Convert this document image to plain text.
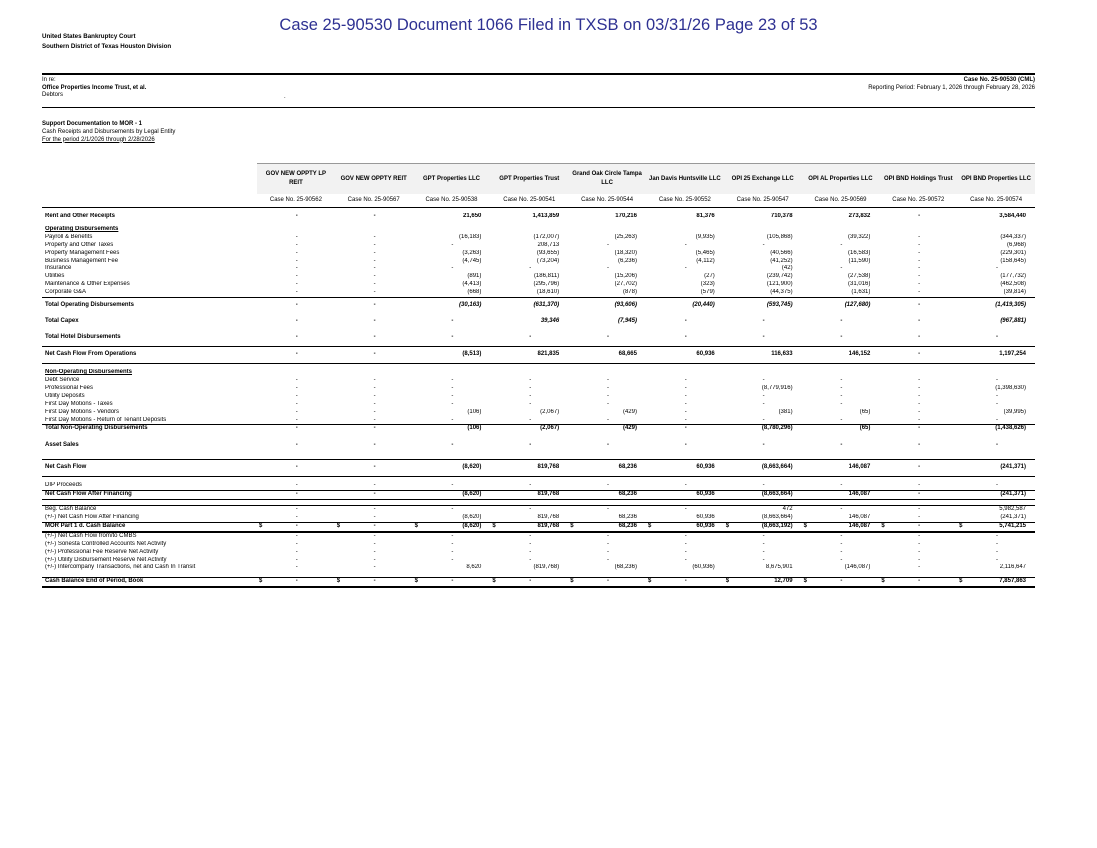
Case 25-90530 Document 1066 Filed in TXSB on 03/31/26 Page 23 of 53
United States Bankruptcy Court
Southern District of Texas Houston Division
In re:
Office Properties Income Trust, et al.
Debtors	.
Case No. 25-90530 (CML)
Reporting Period: February 1, 2026 through February 28, 2026
Support Documentation to MOR - 1
Cash Receipts and Disbursements by Legal Entity
For the period 2/1/2026 through 2/28/2026
	GOV NEW OPPTY LP REIT	GOV NEW OPPTY REIT	GPT Properties LLC	GPT Properties Trust	Grand Oak Circle Tampa LLC	Jan Davis Huntsville LLC	OPI 25 Exchange LLC	OPI AL Properties LLC	OPI BND Holdings Trust	OPI BND Properties LLC
	Case No. 25-90562	Case No. 25-90567	Case No. 25-90538	Case No. 25-90541	Case No. 25-90544	Case No. 25-90552	Case No. 25-90547	Case No. 25-90569	Case No. 25-90572	Case No. 25-90574

Rent and Other Receipts	-	-	21,650	1,413,859	170,216	81,376	710,378	273,832	-	3,584,440

Operating Disbursements										
Payroll & Benefits	-	-	(16,183)	(172,007)	(25,263)	(9,935)	(105,868)	(39,322)	-	(344,337)
Property and Other Taxes	-	-	-	208,713	-	-	-	-	-	(6,968)
Property Management Fees	-	-	(3,263)	(93,655)	(18,320)	(5,465)	(40,566)	(16,583)	-	(229,301)
Business Management Fee	-	-	(4,745)	(73,204)	(6,236)	(4,112)	(41,252)	(11,590)	-	(158,645)
Insurance	-	-	-	-	-	-	(42)	-	-	-
Utilities	-	-	(891)	(186,811)	(15,206)	(27)	(239,742)	(27,538)	-	(177,732)
Maintenance & Other Expenses	-	-	(4,413)	(295,796)	(27,702)	(323)	(121,900)	(31,016)	-	(462,508)
Corporate G&A	-	-	(668)	(18,610)	(878)	(579)	(44,375)	(1,631)	-	(39,814)
Total Operating Disbursements	-	-	(30,163)	(631,370)	(93,606)	(20,440)	(593,745)	(127,680)	-	(1,419,305)
Total Capex	-	-	-	39,346	(7,945)	-	-	-	-	(967,881)
Total Hotel Disbursements	-	-	-	-	-	-	-	-	-	-
Net Cash Flow From Operations	-	-	(8,513)	821,835	68,665	60,936	116,633	146,152	-	1,197,254

Non-Operating Disbursements										
Debt Service	-	-	-	-	-	-	-	-	-	-
Professional Fees	-	-	-	-	-	-	(8,779,916)	-	-	(1,398,630)
Utility Deposits	-	-	-	-	-	-	-	-	-	-
First Day Motions - Taxes	-	-	-	-	-	-	-	-	-	-
First Day Motions - Vendors	-	-	(106)	(2,067)	(429)	-	(381)	(65)	-	(39,995)
First Day Motions - Return of Tenant Deposits	-	-	-	-	-	-	-	-	-	-
Total Non-Operating Disbursements	-	-	(106)	(2,067)	(429)	-	(8,780,296)	(65)	-	(1,438,626)

Asset Sales	-	-	-	-	-	-	-	-	-	-

Net Cash Flow	-	-	(8,620)	819,768	68,236	60,936	(8,663,664)	146,087	-	(241,371)

DIP Proceeds	-	-	-	-	-	-	-	-	-	-
Net Cash Flow After Financing	-	-	(8,620)	819,768	68,236	60,936	(8,663,664)	146,087	-	(241,371)

Beg. Cash Balance	-	-	-	-	-	-	472	-	-	5,982,587
(+/-) Net Cash Flow After Financing	-	-	(8,620)	819,768	68,236	60,936	(8,663,664)	146,087	-	(241,371)
MOR Part 1 d. Cash Balance	$ -	$ -	$ (8,620)	$ 819,768	$ 68,236	$ 60,936	$ (8,663,192)	$ 146,087	$ -	$ 5,741,215
(+/-) Net Cash Flow from/to CMBS	-	-	-	-	-	-	-	-	-	-
(+/-) Sonesta Controlled Accounts Net Activity	-	-	-	-	-	-	-	-	-	-
(+/-) Professional Fee Reserve Net Activity	-	-	-	-	-	-	-	-	-	-
(+/-) Utility Disbursement Reserve Net Activity	-	-	-	-	-	-	-	-	-	-
(+/-) Intercompany Transactions, net and Cash In Transit	-	-	8,620	(819,768)	(68,236)	(60,936)	8,675,901	(146,087)	-	2,116,647

Cash Balance End of Period, Book	$ -	$ -	$ -	$ -	$ -	$ -	$ 12,709	$ -	$ -	$ 7,857,863
